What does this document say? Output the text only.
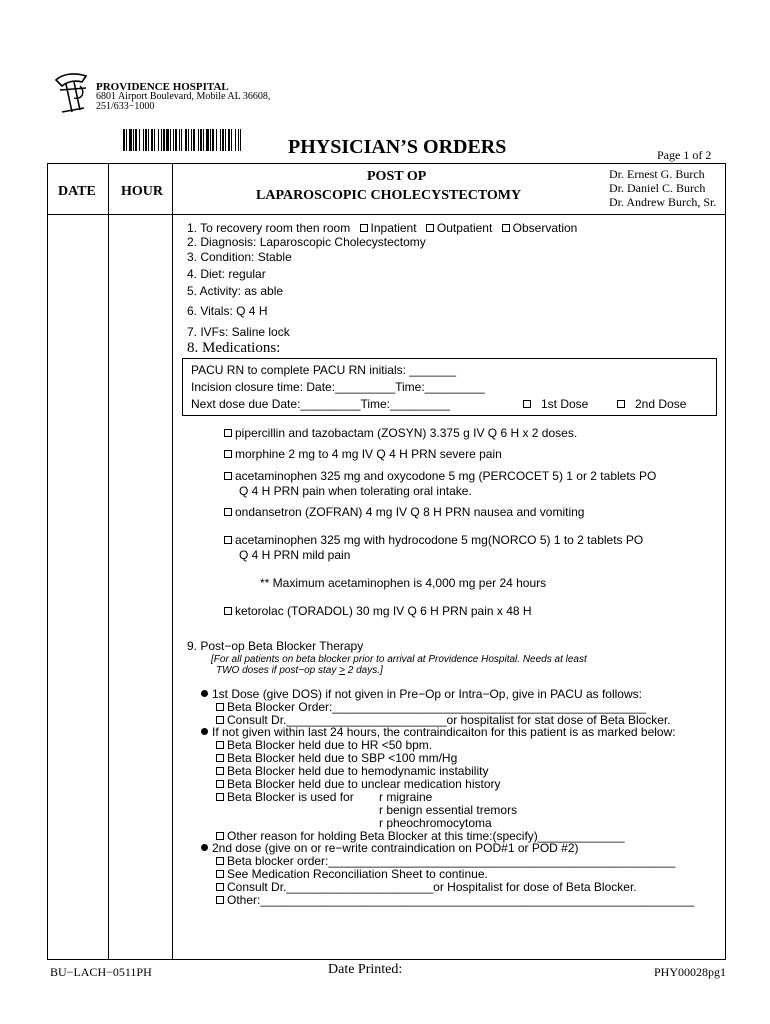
PROVIDENCE HOSPITAL
6801 Airport Boulevard, Mobile AL 36608,
251/633−1000
PHYSICIAN’S ORDERS	Page 1 of 2
DATE HOUR
POST OP
LAPAROSCOPIC CHOLECYSTECTOMY
Dr. Ernest G. Burch
Dr. Daniel C. Burch
Dr. Andrew Burch, Sr.
1. To recovery room then room Inpatient Outpatient Observation
2. Diagnosis: Laparoscopic Cholecystectomy
3. Condition: Stable
4. Diet: regular
5. Activity: as able
6. Vitals: Q 4 H
7. IVFs: Saline lock
8. Medications:
PACU RN to complete PACU RN initials: _______
Incision closure time: Date:_________Time:_________
Next dose due Date:_________Time:_________	1st Dose	2nd Dose
pipercillin and tazobactam (ZOSYN) 3.375 g IV Q 6 H x 2 doses.
morphine 2 mg to 4 mg IV Q 4 H PRN severe pain
acetaminophen 325 mg and oxycodone 5 mg (PERCOCET 5) 1 or 2 tablets PO
Q 4 H PRN pain when tolerating oral intake.
ondansetron (ZOFRAN) 4 mg IV Q 8 H PRN nausea and vomiting
acetaminophen 325 mg with hydrocodone 5 mg(NORCO 5) 1 to 2 tablets PO
Q 4 H PRN mild pain
** Maximum acetaminophen is 4,000 mg per 24 hours
ketorolac (TORADOL) 30 mg IV Q 6 H PRN pain x 48 H
9. Post−op Beta Blocker Therapy
[For all patients on beta blocker prior to arrival at Providence Hospital. Needs at least
TWO doses if post−op stay > 2 days.]
1st Dose (give DOS) if not given in Pre−Op or Intra−Op, give in PACU as follows:
Beta Blocker Order:_______________________________________________
Consult Dr.________________________or hospitalist for stat dose of Beta Blocker.
If not given within last 24 hours, the contraindicaiton for this patient is as marked below:
Beta Blocker held due to HR <50 bpm.
Beta Blocker held due to SBP <100 mm/Hg
Beta Blocker held due to hemodynamic instability
Beta Blocker held due to unclear medication history
Beta Blocker is used for r migraine
r benign essential tremors
r pheochromocytoma
Other reason for holding Beta Blocker at this time:(specify)_____________
2nd dose (give on or re−write contraindication on POD#1 or POD #2)
Beta blocker order:____________________________________________________
See Medication Reconciliation Sheet to continue.
Consult Dr.______________________or Hospitalist for dose of Beta Blocker.
Other:_________________________________________________________________
BU−LACH−0511PH	Date Printed:	PHY00028pg1
